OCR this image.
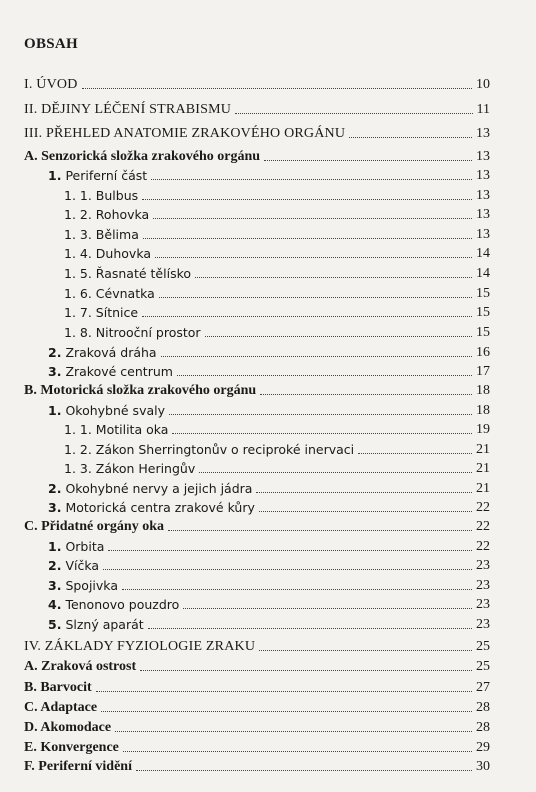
OBSAH
I. ÚVOD	10
II. DĚJINY LÉČENÍ STRABISMU	11
III. PŘEHLED ANATOMIE ZRAKOVÉHO ORGÁNU	13
A. Senzorická složka zrakového orgánu	13
1. Periferní část	13
1. 1. Bulbus	13
1. 2. Rohovka	13
1. 3. Bělima	13
1. 4. Duhovka	14
1. 5. Řasnaté tělísko	14
1. 6. Cévnatka	15
1. 7. Sítnice	15
1. 8. Nitrooční prostor	15
2. Zraková dráha	16
3. Zrakové centrum	17
B. Motorická složka zrakového orgánu	18
1. Okohybné svaly	18
1. 1. Motilita oka	19
1. 2. Zákon Sherringtonův o reciproké inervaci	21
1. 3. Zákon Heringův	21
2. Okohybné nervy a jejich jádra	21
3. Motorická centra zrakové kůry	22
C. Přidatné orgány oka	22
1. Orbita	22
2. Víčka	23
3. Spojivka	23
4. Tenonovo pouzdro	23
5. Slzný aparát	23
IV. ZÁKLADY FYZIOLOGIE ZRAKU	25
A. Zraková ostrost	25
B. Barvocit	27
C. Adaptace	28
D. Akomodace	28
E. Konvergence	29
F. Periferní vidění	30
